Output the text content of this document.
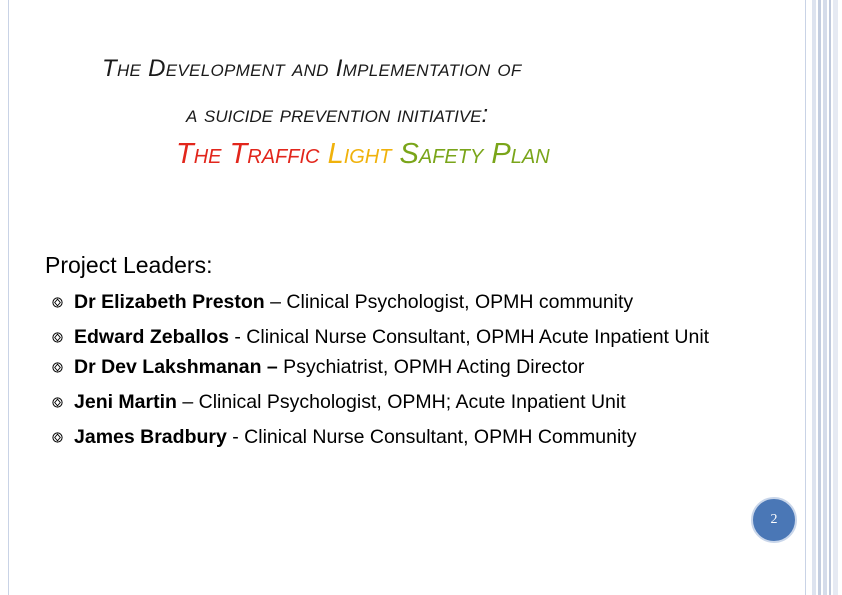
The Development and Implementation of
a suicide prevention initiative:
The Traffic Light Safety Plan
Project Leaders:
Dr Elizabeth Preston – Clinical Psychologist, OPMH community
Edward Zeballos - Clinical Nurse Consultant, OPMH Acute Inpatient Unit
Dr Dev Lakshmanan – Psychiatrist, OPMH Acting Director
Jeni Martin – Clinical Psychologist, OPMH; Acute Inpatient Unit
James Bradbury - Clinical Nurse Consultant, OPMH Community
2
